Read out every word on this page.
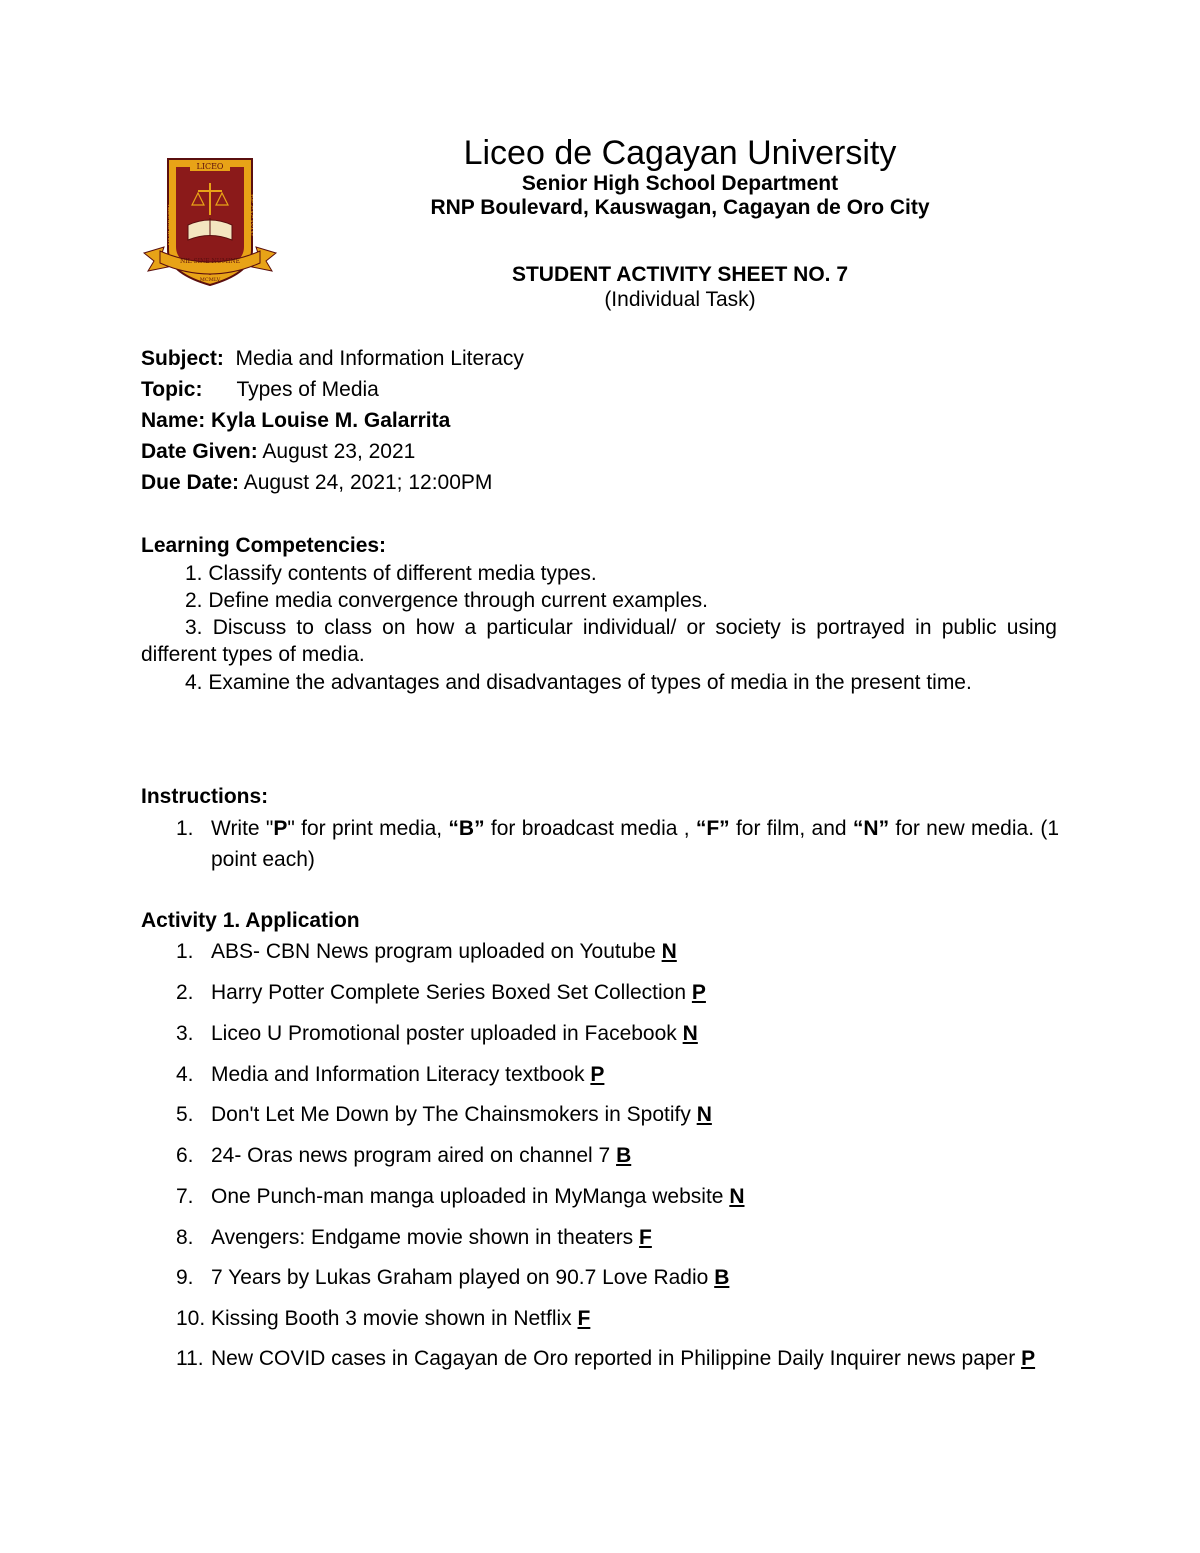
LICEO
UNIVERSITY	DE CAGAYAN
NIL SINE NUMINE
MCMLV
Liceo de Cagayan University
Senior High School Department
RNP Boulevard, Kauswagan, Cagayan de Oro City
STUDENT ACTIVITY SHEET NO. 7
(Individual Task)
Subject: Media and Information Literacy
Topic: Types of Media
Name: Kyla Louise M. Galarrita
Date Given: August 23, 2021
Due Date: August 24, 2021; 12:00PM
Learning Competencies:
1. Classify contents of different media types.
2. Define media convergence through current examples.
3. Discuss to class on how a particular individual/ or society is portrayed in public using different types of media.
4. Examine the advantages and disadvantages of types of media in the present time.
Instructions:
1. Write "P" for print media, “B” for broadcast media , “F” for film, and “N” for new media. (1 point each)
Activity 1. Application
1. ABS- CBN News program uploaded on Youtube N
2. Harry Potter Complete Series Boxed Set Collection P
3. Liceo U Promotional poster uploaded in Facebook N
4. Media and Information Literacy textbook P
5. Don't Let Me Down by The Chainsmokers in Spotify N
6. 24- Oras news program aired on channel 7 B
7. One Punch-man manga uploaded in MyManga website N
8. Avengers: Endgame movie shown in theaters F
9. 7 Years by Lukas Graham played on 90.7 Love Radio B
10. Kissing Booth 3 movie shown in Netflix F
11. New COVID cases in Cagayan de Oro reported in Philippine Daily Inquirer news paper P
